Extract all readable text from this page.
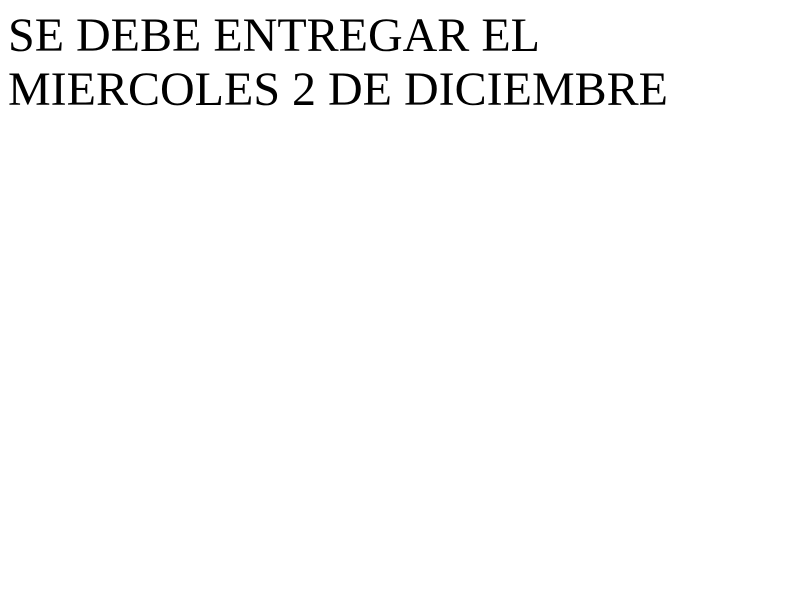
SE DEBE ENTREGAR EL
MIERCOLES 2 DE DICIEMBRE
